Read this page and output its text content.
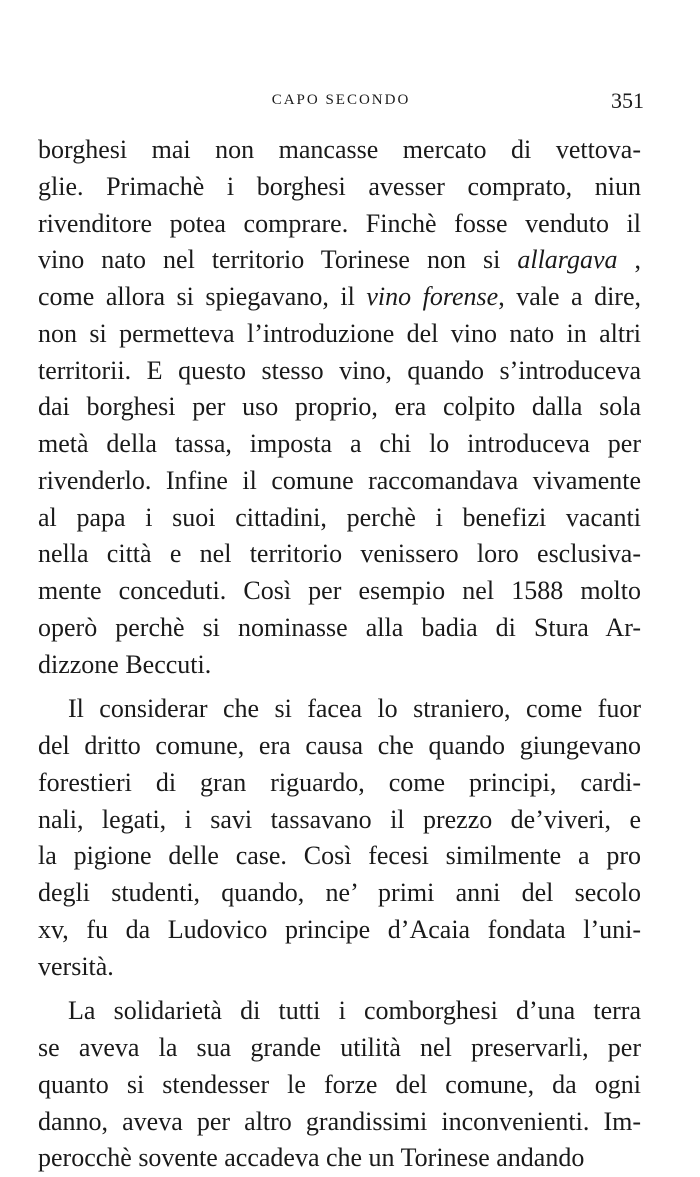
CAPO SECONDO	351
borghesi mai non mancasse mercato di vettova-
glie. Primachè i borghesi avesser comprato, niun
rivenditore potea comprare. Finchè fosse venduto il
vino nato nel territorio Torinese non si allargava ,
come allora si spiegavano, il vino forense, vale a dire,
non si permetteva l’introduzione del vino nato in altri
territorii. E questo stesso vino, quando s’introduceva
dai borghesi per uso proprio, era colpito dalla sola
metà della tassa, imposta a chi lo introduceva per
rivenderlo. Infine il comune raccomandava vivamente
al papa i suoi cittadini, perchè i benefizi vacanti
nella città e nel territorio venissero loro esclusiva-
mente conceduti. Così per esempio nel 1588 molto
operò perchè si nominasse alla badia di Stura Ar-
dizzone Beccuti.
Il considerar che si facea lo straniero, come fuor
del dritto comune, era causa che quando giungevano
forestieri di gran riguardo, come principi, cardi-
nali, legati, i savi tassavano il prezzo de’viveri, e
la pigione delle case. Così fecesi similmente a pro
degli studenti, quando, ne’ primi anni del secolo
xv, fu da Ludovico principe d’Acaia fondata l’uni-
versità.
La solidarietà di tutti i comborghesi d’una terra
se aveva la sua grande utilità nel preservarli, per
quanto si stendesser le forze del comune, da ogni
danno, aveva per altro grandissimi inconvenienti. Im-
perocchè sovente accadeva che un Torinese andando
